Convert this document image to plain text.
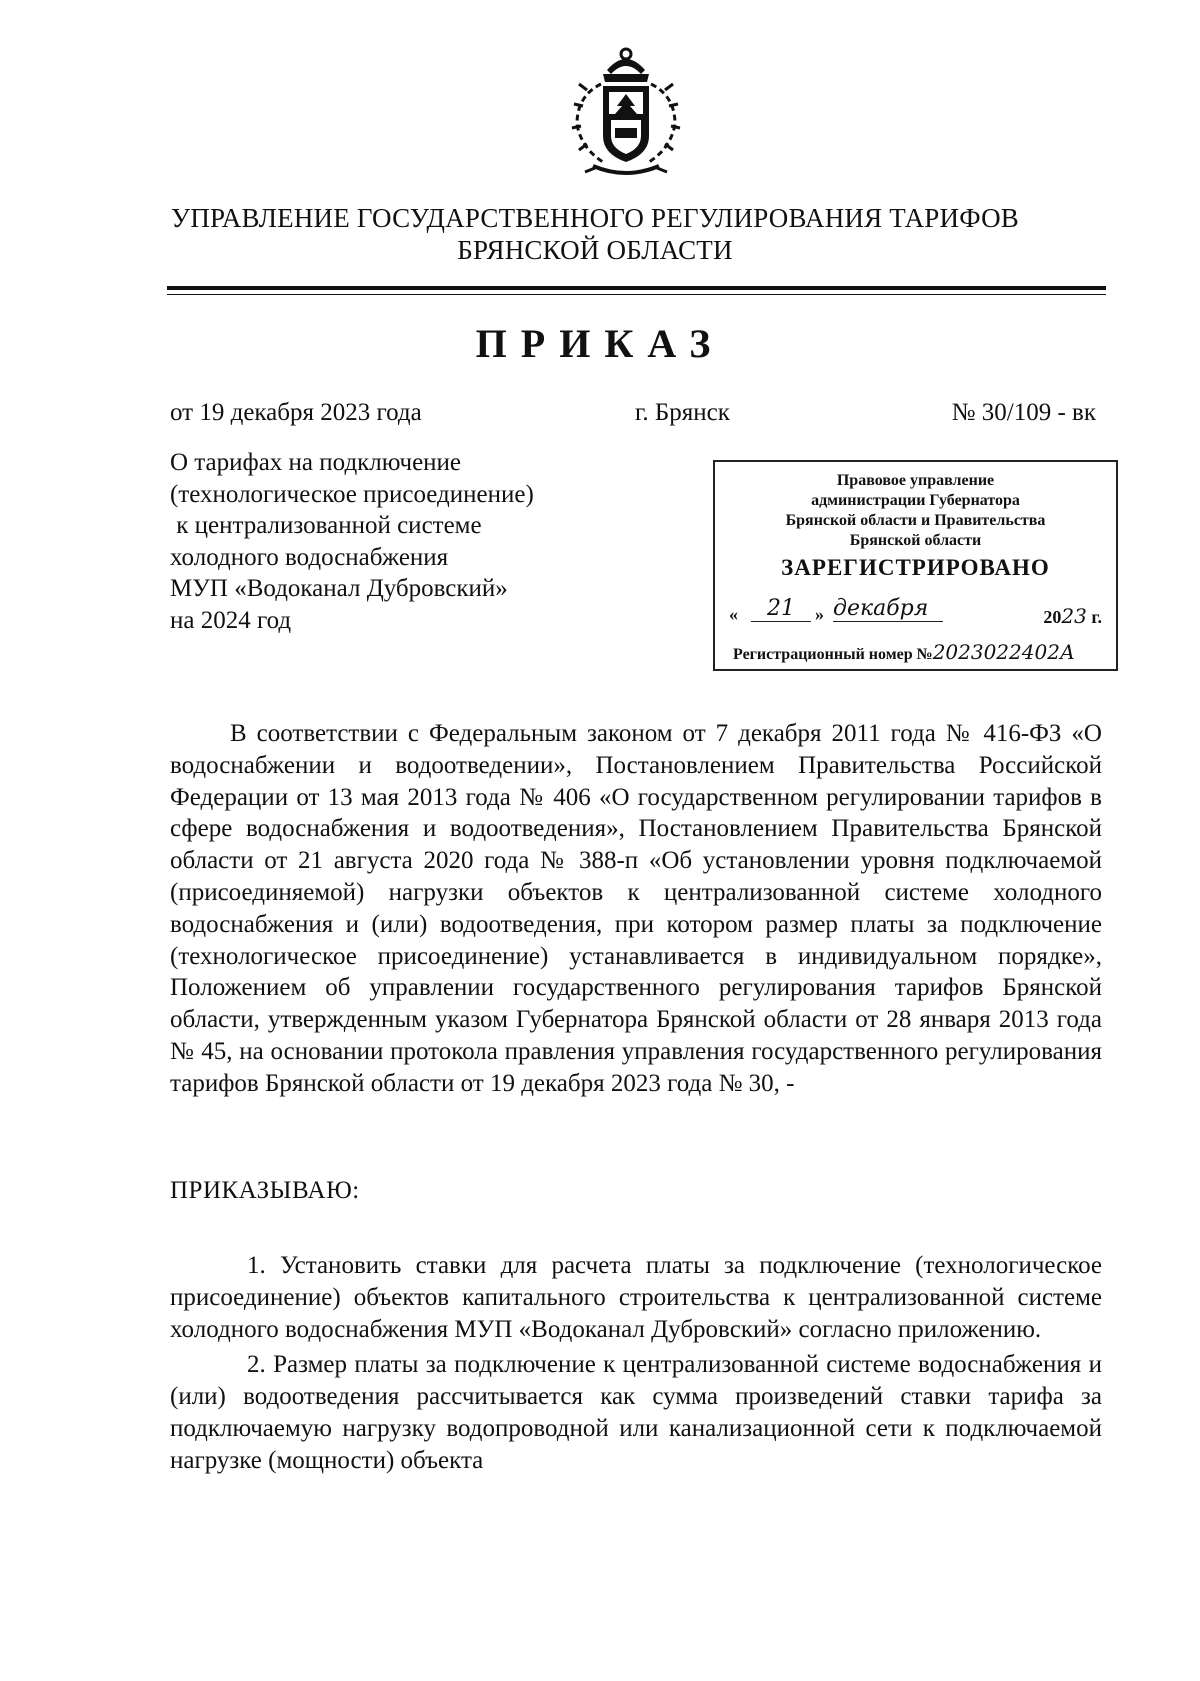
УПРАВЛЕНИЕ ГОСУДАРСТВЕННОГО РЕГУЛИРОВАНИЯ ТАРИФОВ
БРЯНСКОЙ ОБЛАСТИ
ПРИКАЗ
от 19 декабря 2023 года	г. Брянск	№ 30/109 - вк
О тарифах на подключение
(технологическое присоединение)
к централизованной системе
холодного водоснабжения
МУП «Водоканал Дубровский»
на 2024 год
Правовое управление
администрации Губернатора
Брянской области и Правительства
Брянской области
ЗАРЕГИСТРИРОВАНО
«	21	» декабря	2023 г.
Регистрационный номер №2023022402А

В соответствии с Федеральным законом от 7 декабря 2011 года № 416-ФЗ «О водоснабжении и водоотведении», Постановлением Правительства Российской Федерации от 13 мая 2013 года № 406 «О государственном регулировании тарифов в сфере водоснабжения и водоотведения», Постановлением Правительства Брянской области от 21 августа 2020 года № 388-п «Об установлении уровня подключаемой (присоединяемой) нагрузки объектов к централизованной системе холодного водоснабжения и (или) водоотведения, при котором размер платы за подключение (технологическое присоединение) устанавливается в индивидуальном порядке», Положением об управлении государственного регулирования тарифов Брянской области, утвержденным указом Губернатора Брянской области от 28 января 2013 года № 45, на основании протокола правления управления государственного регулирования тарифов Брянской области от 19 декабря 2023 года № 30, -

ПРИКАЗЫВАЮ:

1. Установить ставки для расчета платы за подключение (технологическое присоединение) объектов капитального строительства к централизованной системе холодного водоснабжения МУП «Водоканал Дубровский» согласно приложению.

2. Размер платы за подключение к централизованной системе водоснабжения и (или) водоотведения рассчитывается как сумма произведений ставки тарифа за подключаемую нагрузку водопроводной или канализационной сети к подключаемой нагрузке (мощности) объекта
